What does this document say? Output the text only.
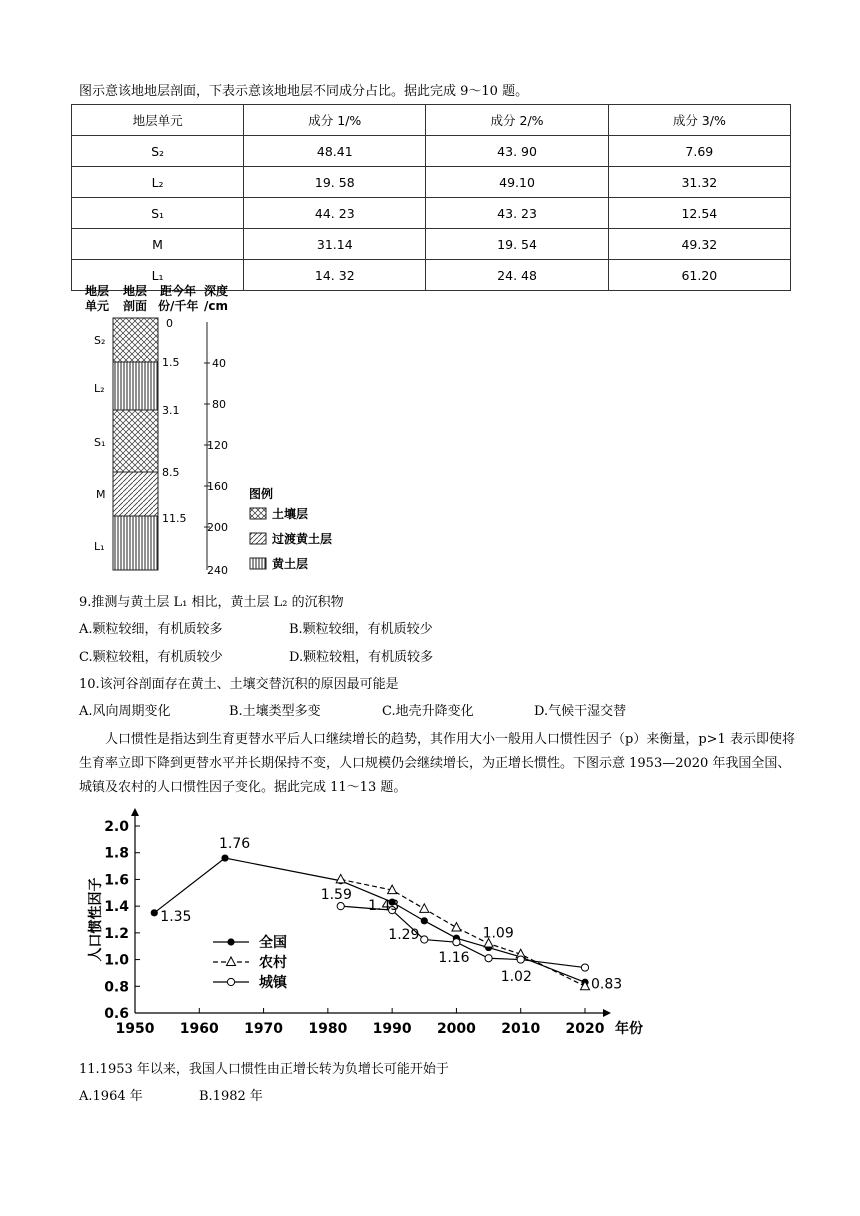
图示意该地地层剖面，下表示意该地地层不同成分占比。据此完成 9～10 题。
地层单元	成分 1/%	成分 2/%	成分 3/%
S₂	48.41	43. 90	7.69
L₂	19. 58	49.10	31.32
S₁	44. 23	43. 23	12.54
M	31.14	19. 54	49.32
L₁	14. 32	24. 48	61.20
地层
单元
地层
剖面
距今年
份/千年
深度
/cm
S₂
L₂
S₁
M
L₁
0
1.5
3.1
8.5
11.5
40
80
120
160
200
240
图例
土壤层
过渡黄土层
黄土层
9.推测与黄土层 L₁ 相比，黄土层 L₂ 的沉积物
A.颗粒较细，有机质较多	B.颗粒较细，有机质较少
C.颗粒较粗，有机质较少	D.颗粒较粗，有机质较多
10.该河谷剖面存在黄土、土壤交替沉积的原因最可能是
A.风向周期变化	B.土壤类型多变	C.地壳升降变化	D.气候干湿交替
人口惯性是指达到生育更替水平后人口继续增长的趋势，其作用大小一般用人口惯性因子（p）来衡量，p>1 表示即使将生育率立即下降到更替水平并长期保持不变，人口规模仍会继续增长，为正增长惯性。下图示意 1953—2020 年我国全国、城镇及农村的人口惯性因子变化。据此完成 11～13 题。
1950 1960 1970 1980 1990 2000 2010 2020
0.6
0.8
1.0
1.2
1.4
1.6
1.8
2.0
年份
人口惯性因子	1.35
1.76
1.59
1.43
1.29
1.16
1.09
1.02	0.83
全国
农村
城镇
11.1953 年以来，我国人口惯性由正增长转为负增长可能开始于
A.1964 年	B.1982 年
